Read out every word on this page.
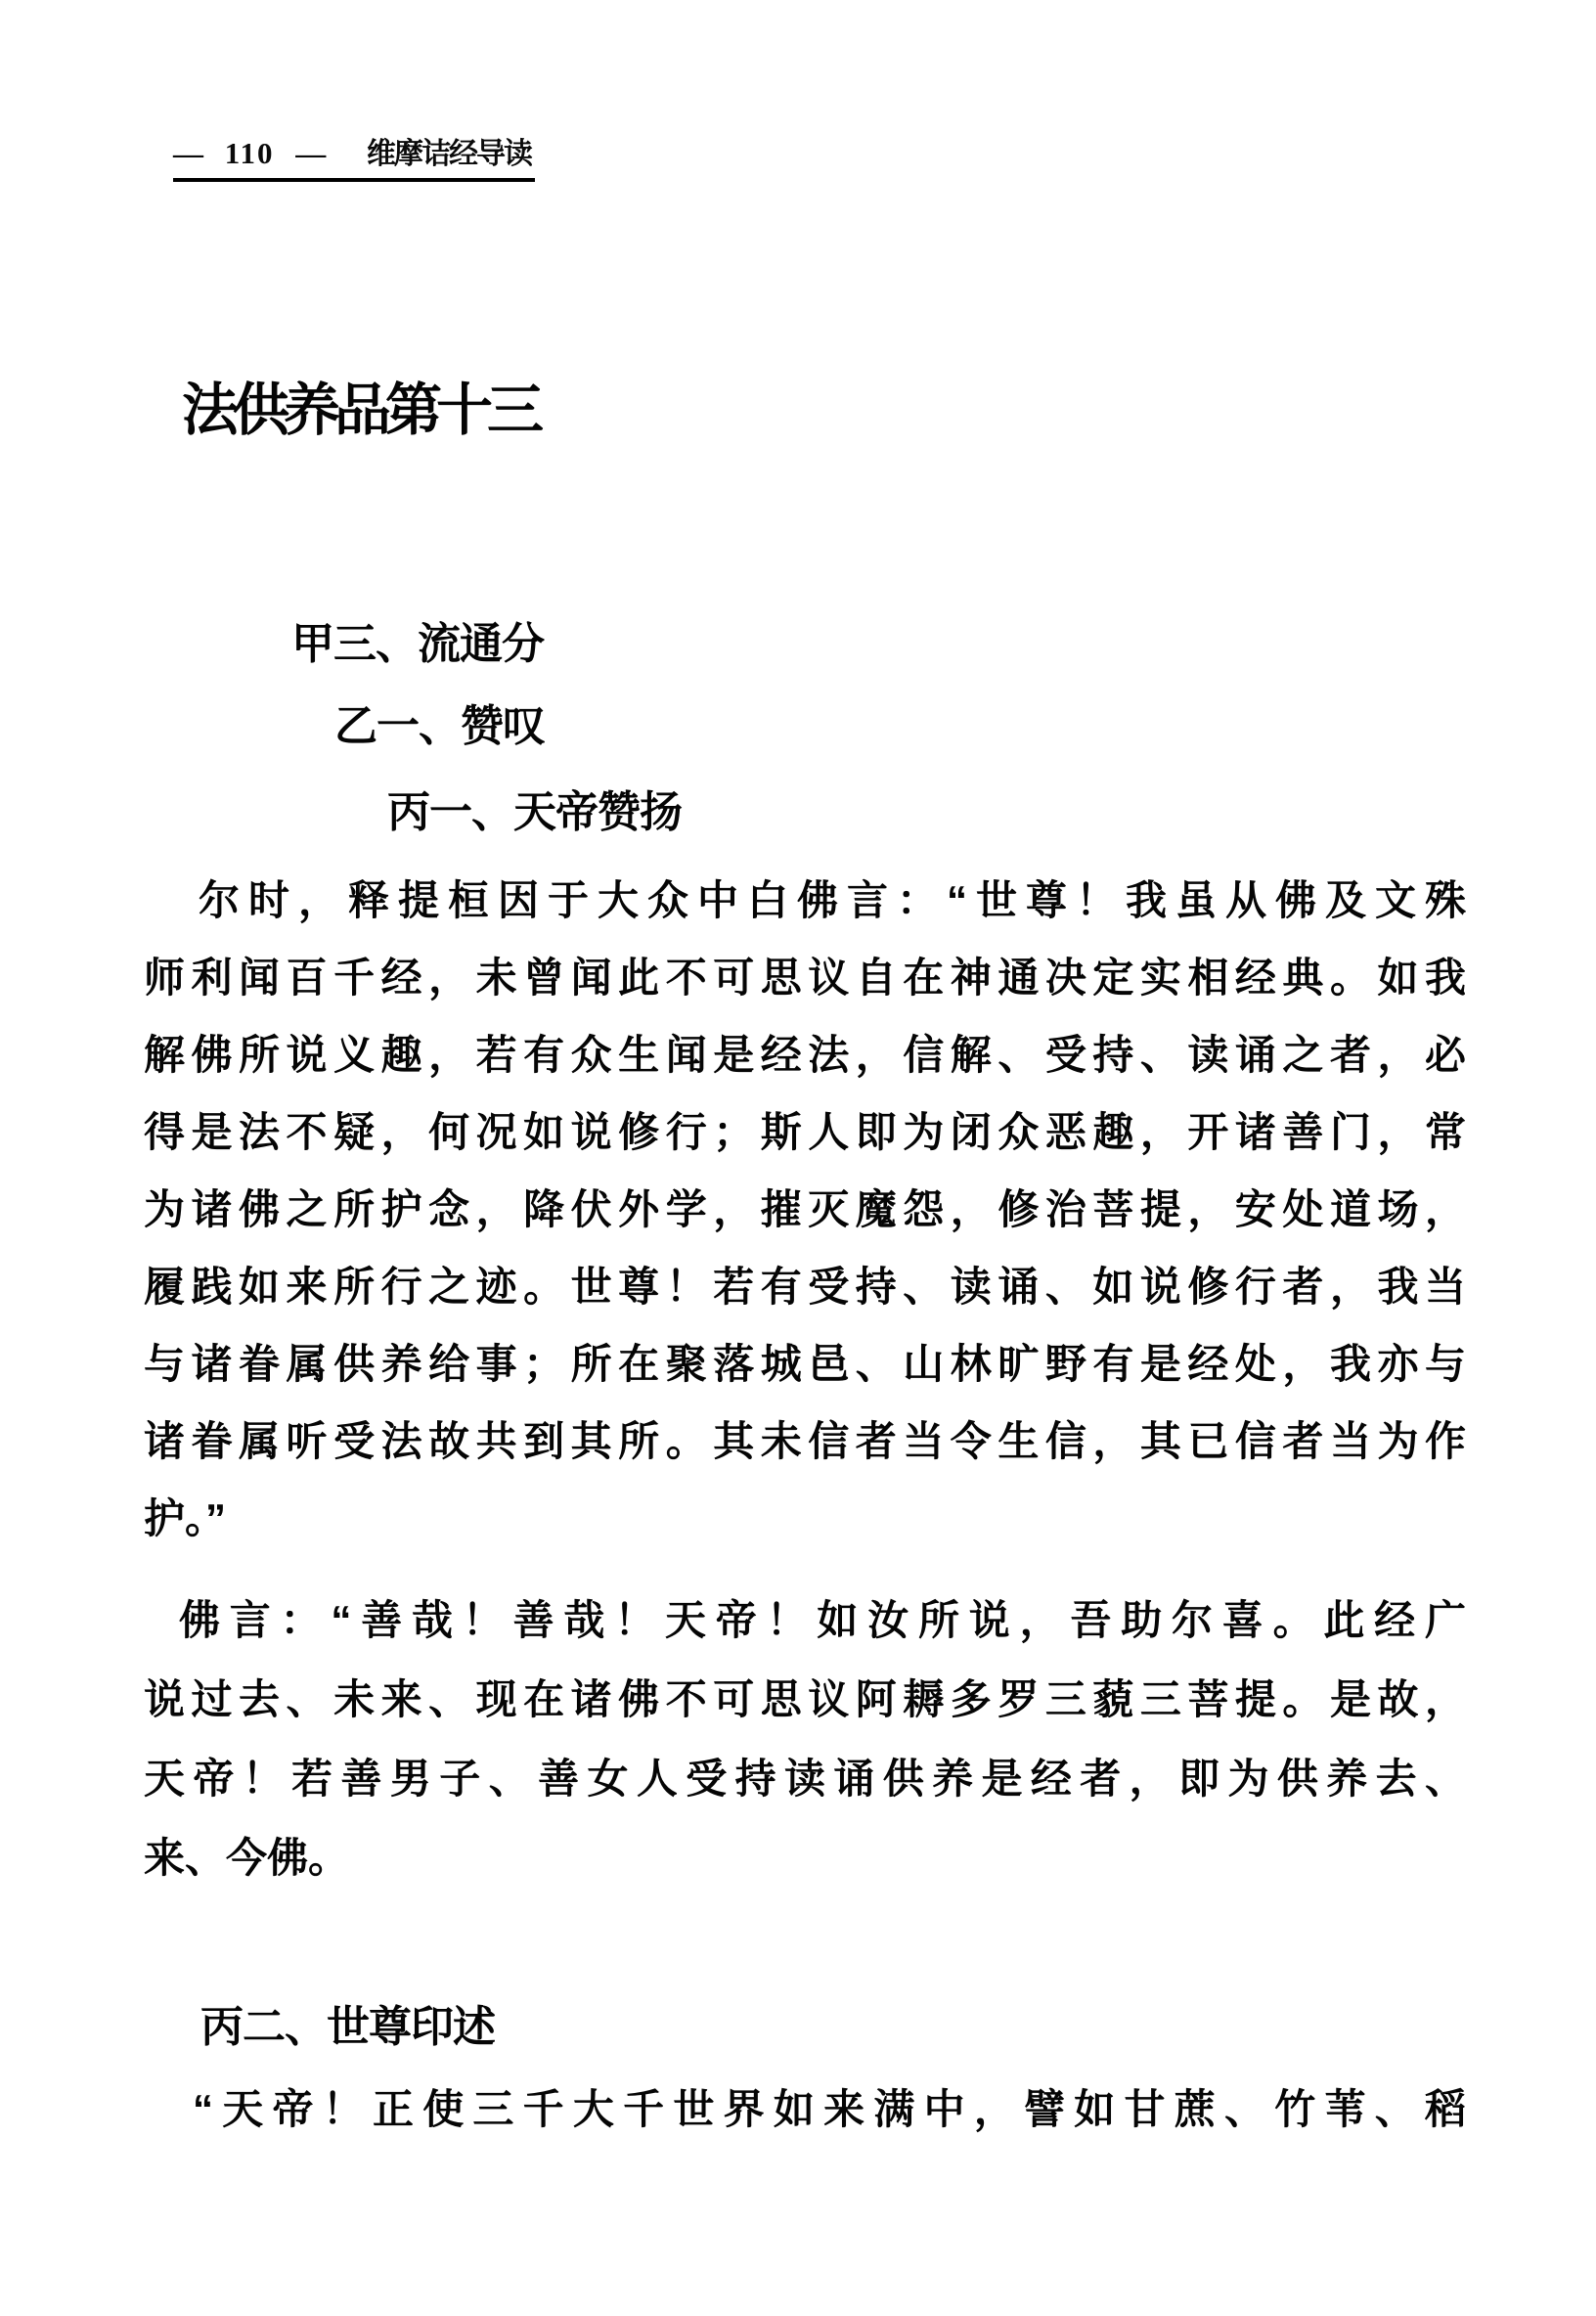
— 110 — 维摩诘经导读
法供养品第十三
甲三、流通分
乙一、赞叹
丙一、天帝赞扬
尔时，释提桓因于大众中白佛言：“世尊！我虽从佛及文殊
师利闻百千经，未曾闻此不可思议自在神通决定实相经典。如我
解佛所说义趣，若有众生闻是经法，信解、受持、读诵之者，必
得是法不疑，何况如说修行；斯人即为闭众恶趣，开诸善门，常
为诸佛之所护念，降伏外学，摧灭魔怨，修治菩提，安处道场，
履践如来所行之迹。世尊！若有受持、读诵、如说修行者，我当
与诸眷属供养给事；所在聚落城邑、山林旷野有是经处，我亦与
诸眷属听受法故共到其所。其未信者当令生信，其已信者当为作
护。”
佛言：“善哉！善哉！天帝！如汝所说，吾助尔喜。此经广
说过去、未来、现在诸佛不可思议阿耨多罗三藐三菩提。是故，
天帝！若善男子、善女人受持读诵供养是经者，即为供养去、
来、今佛。
丙二、世尊印述
“天帝！正使三千大千世界如来满中，譬如甘蔗、竹苇、稻
